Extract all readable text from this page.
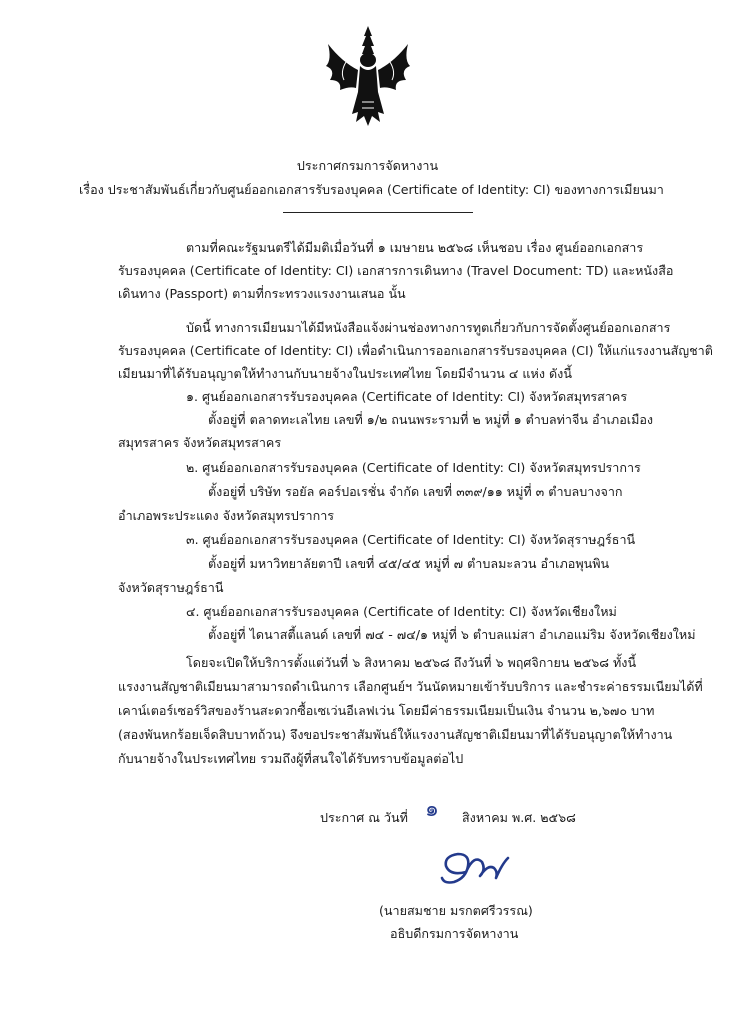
ประกาศกรมการจัดหางาน
เรื่อง ประชาสัมพันธ์เกี่ยวกับศูนย์ออกเอกสารรับรองบุคคล (Certificate of Identity: CI) ของทางการเมียนมา
ตามที่คณะรัฐมนตรีได้มีมติเมื่อวันที่ ๑ เมษายน ๒๕๖๘ เห็นชอบ เรื่อง ศูนย์ออกเอกสาร
รับรองบุคคล (Certificate of Identity: CI) เอกสารการเดินทาง (Travel Document: TD) และหนังสือ
เดินทาง (Passport) ตามที่กระทรวงแรงงานเสนอ นั้น
บัดนี้ ทางการเมียนมาได้มีหนังสือแจ้งผ่านช่องทางการทูตเกี่ยวกับการจัดตั้งศูนย์ออกเอกสาร
รับรองบุคคล (Certificate of Identity: CI) เพื่อดำเนินการออกเอกสารรับรองบุคคล (CI) ให้แก่แรงงานสัญชาติ
เมียนมาที่ได้รับอนุญาตให้ทำงานกับนายจ้างในประเทศไทย โดยมีจำนวน ๔ แห่ง ดังนี้
๑. ศูนย์ออกเอกสารรับรองบุคคล (Certificate of Identity: CI) จังหวัดสมุทรสาคร
ตั้งอยู่ที่ ตลาดทะเลไทย เลขที่ ๑/๒ ถนนพระรามที่ ๒ หมู่ที่ ๑ ตำบลท่าจีน อำเภอเมือง
สมุทรสาคร จังหวัดสมุทรสาคร
๒. ศูนย์ออกเอกสารรับรองบุคคล (Certificate of Identity: CI) จังหวัดสมุทรปราการ
ตั้งอยู่ที่ บริษัท รอยัล คอร์ปอเรชั่น จำกัด เลขที่ ๓๓๙/๑๑ หมู่ที่ ๓ ตำบลบางจาก
อำเภอพระประแดง จังหวัดสมุทรปราการ
๓. ศูนย์ออกเอกสารรับรองบุคคล (Certificate of Identity: CI) จังหวัดสุราษฎร์ธานี
ตั้งอยู่ที่ มหาวิทยาลัยตาปี เลขที่ ๔๕/๔๕ หมู่ที่ ๗ ตำบลมะลวน อำเภอพุนพิน
จังหวัดสุราษฎร์ธานี
๔. ศูนย์ออกเอกสารรับรองบุคคล (Certificate of Identity: CI) จังหวัดเชียงใหม่
ตั้งอยู่ที่ ไดนาสตี้แลนด์ เลขที่ ๗๔ - ๗๔/๑ หมู่ที่ ๖ ตำบลแม่สา อำเภอแม่ริม จังหวัดเชียงใหม่
โดยจะเปิดให้บริการตั้งแต่วันที่ ๖ สิงหาคม ๒๕๖๘ ถึงวันที่ ๖ พฤศจิกายน ๒๕๖๘ ทั้งนี้
แรงงานสัญชาติเมียนมาสามารถดำเนินการ เลือกศูนย์ฯ วันนัดหมายเข้ารับบริการ และชำระค่าธรรมเนียมได้ที่
เคาน์เตอร์เซอร์วิสของร้านสะดวกซื้อเซเว่นอีเลฟเว่น โดยมีค่าธรรมเนียมเป็นเงิน จำนวน ๒,๖๗๐ บาท
(สองพันหกร้อยเจ็ดสิบบาทถ้วน) จึงขอประชาสัมพันธ์ให้แรงงานสัญชาติเมียนมาที่ได้รับอนุญาตให้ทำงาน
กับนายจ้างในประเทศไทย รวมถึงผู้ที่สนใจได้รับทราบข้อมูลต่อไป
ประกาศ ณ วันที่ ๑ สิงหาคม พ.ศ. ๒๕๖๘
(นายสมชาย มรกตศรีวรรณ)
อธิบดีกรมการจัดหางาน
